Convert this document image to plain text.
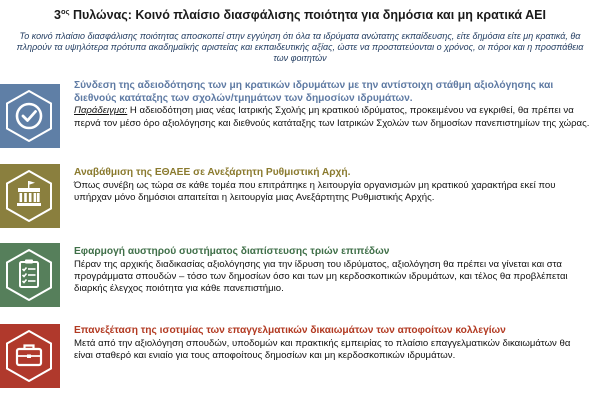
$3^{o\varsigma}$ Πυλώνας: Κοινό πλαίσιο διασφάλισης ποιότητα για δημόσια και μη κρατικά ΑΕΙ
Το κοινό πλαίσιο διασφάλισης ποιότητας αποσκοπεί στην εγγύηση ότι όλα τα ιδρύματα ανώτατης εκπαίδευσης, είτε δημόσια είτε μη κρατικά, θα πληρούν τα υψηλότερα πρότυπα ακαδημαϊκής αριστείας και εκπαιδευτικής αξίας, ώστε να προστατεύονται ο χρόνος, οι πόροι και η προσπάθεια των φοιτητών
Σύνδεση της αδειοδότησης των μη κρατικών ιδρυμάτων με την αντίστοιχη στάθμη αξιολόγησης και διεθνούς κατάταξης των σχολών/τμημάτων των δημοσίων ιδρυμάτων.
Παράδειγμα: Η αδειοδότηση μιας νέας Ιατρικής Σχολής μη κρατικού ιδρύματος, προκειμένου να εγκριθεί, θα πρέπει να περνά τον μέσο όρο αξιολόγησης και διεθνούς κατάταξης των Ιατρικών Σχολών των δημοσίων πανεπιστημίων της χώρας.
Αναβάθμιση της ΕΘΑΕΕ σε Ανεξάρτητη Ρυθμιστική Αρχή.
Όπως συνέβη ως τώρα σε κάθε τομέα που επιτράπηκε η λειτουργία οργανισμών μη κρατικού χαρακτήρα εκεί που υπήρχαν μόνο δημόσιοι απαιτείται η λειτουργία μιας Ανεξάρτητης Ρυθμιστικής Αρχής.
Εφαρμογή αυστηρού συστήματος διαπίστευσης τριών επιπέδων
Πέραν της αρχικής διαδικασίας αξιολόγησης για την ίδρυση του ιδρύματος, αξιολόγηση θα πρέπει να γίνεται και στα προγράμματα σπουδών – τόσο των δημοσίων όσο και των μη κερδοσκοπικών ιδρυμάτων, και τέλος θα προβλέπεται διαρκής έλεγχος ποιότητα για κάθε πανεπιστήμιο.
Επανεξέταση της ισοτιμίας των επαγγελματικών δικαιωμάτων των αποφοίτων κολλεγίων
Μετά από την αξιολόγηση σπουδών, υποδομών και πρακτικής εμπειρίας το πλαίσιο επαγγελματικών δικαιωμάτων θα είναι σταθερό και ενιαίο για τους αποφοίτους δημοσίων και μη κερδοσκοπικών ιδρυμάτων.
